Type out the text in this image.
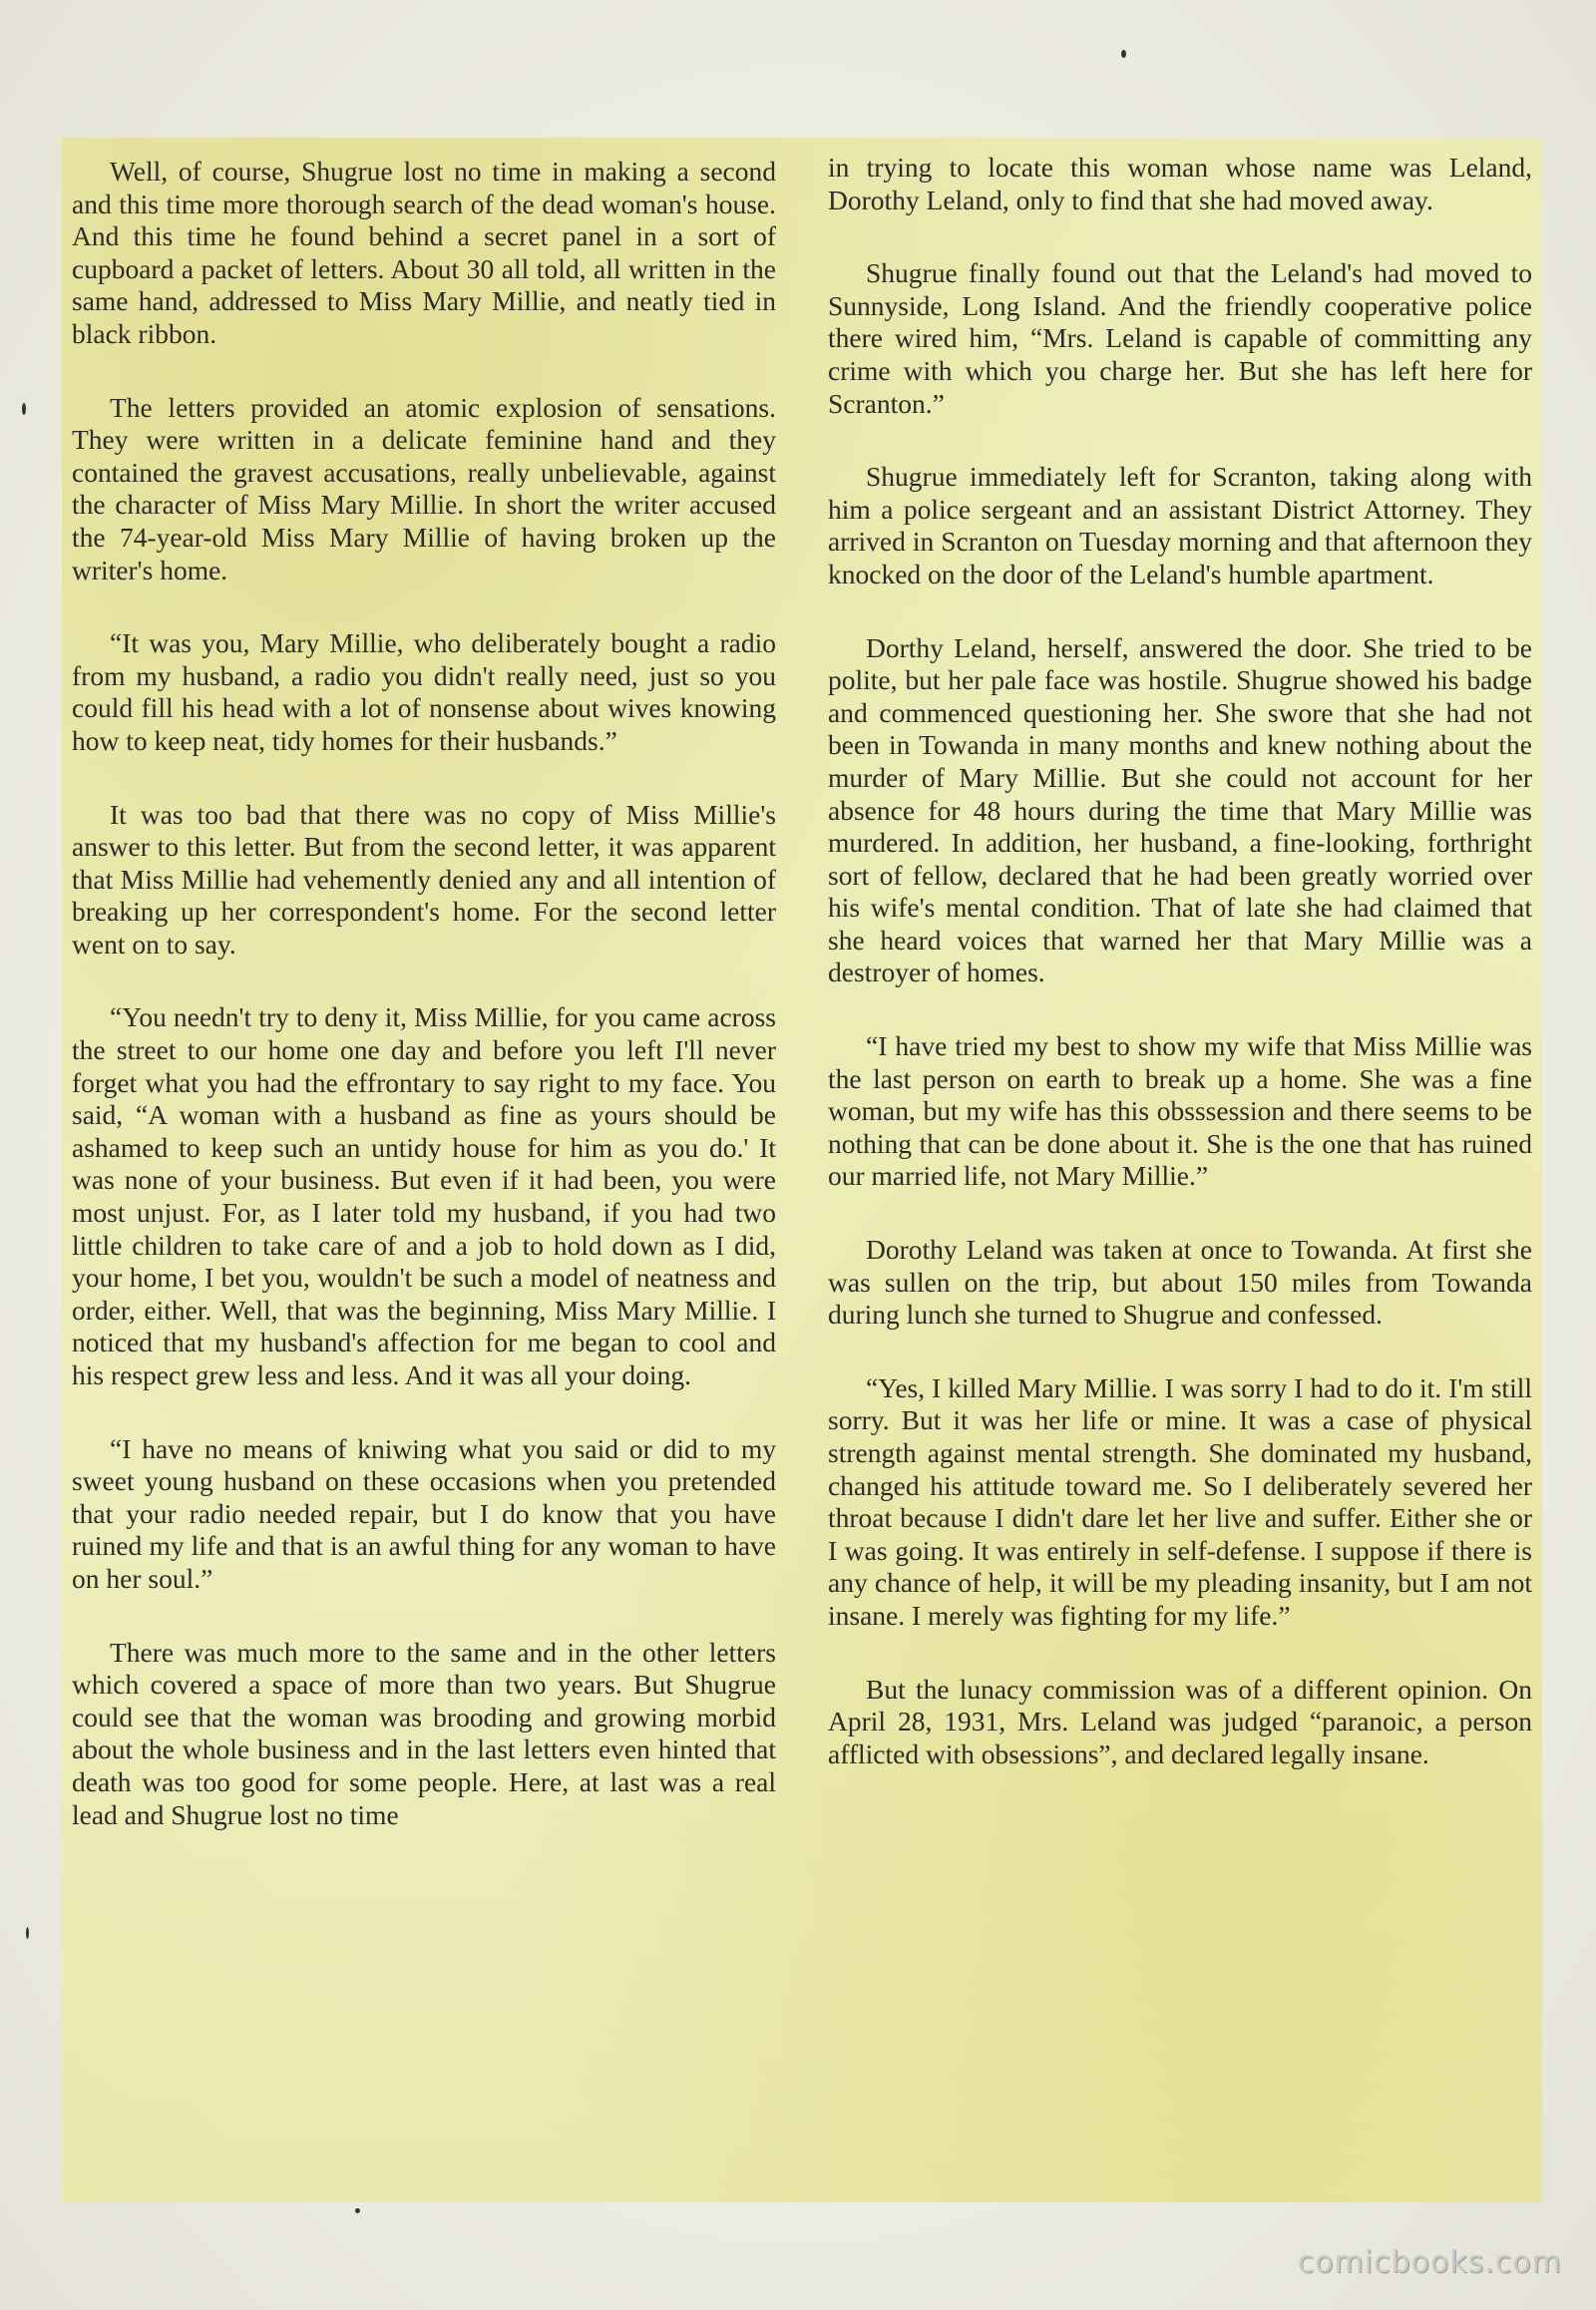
Well, of course, Shugrue lost no time in making a second and this time more thorough search of the dead woman's house. And this time he found behind a secret panel in a sort of cupboard a packet of letters. About 30 all told, all written in the same hand, addressed to Miss Mary Millie, and neatly tied in black ribbon.

The letters provided an atomic explosion of sensations. They were written in a delicate feminine hand and they contained the gravest accusations, really unbelievable, against the character of Miss Mary Millie. In short the writer accused the 74-year-old Miss Mary Millie of having broken up the writer's home.

“It was you, Mary Millie, who deliberately bought a radio from my husband, a radio you didn't really need, just so you could fill his head with a lot of nonsense about wives knowing how to keep neat, tidy homes for their husbands.”

It was too bad that there was no copy of Miss Millie's answer to this letter. But from the second letter, it was apparent that Miss Millie had vehemently denied any and all intention of breaking up her correspondent's home. For the second letter went on to say.

“You needn't try to deny it, Miss Millie, for you came across the street to our home one day and before you left I'll never forget what you had the effrontary to say right to my face. You said, “A woman with a husband as fine as yours should be ashamed to keep such an untidy house for him as you do.' It was none of your business. But even if it had been, you were most unjust. For, as I later told my husband, if you had two little children to take care of and a job to hold down as I did, your home, I bet you, wouldn't be such a model of neatness and order, either. Well, that was the beginning, Miss Mary Millie. I noticed that my husband's affection for me began to cool and his respect grew less and less. And it was all your doing.

“I have no means of kniwing what you said or did to my sweet young husband on these occasions when you pretended that your radio needed repair, but I do know that you have ruined my life and that is an awful thing for any woman to have on her soul.”

There was much more to the same and in the other letters which covered a space of more than two years. But Shugrue could see that the woman was brooding and growing morbid about the whole business and in the last letters even hinted that death was too good for some people. Here, at last was a real lead and Shugrue lost no time

in trying to locate this woman whose name was Leland, Dorothy Leland, only to find that she had moved away.

Shugrue finally found out that the Leland's had moved to Sunnyside, Long Island. And the friendly cooperative police there wired him, “Mrs. Leland is capable of committing any crime with which you charge her. But she has left here for Scranton.”

Shugrue immediately left for Scranton, taking along with him a police sergeant and an assistant District Attorney. They arrived in Scranton on Tuesday morning and that afternoon they knocked on the door of the Leland's humble apartment.

Dorthy Leland, herself, answered the door. She tried to be polite, but her pale face was hostile. Shugrue showed his badge and commenced questioning her. She swore that she had not been in Towanda in many months and knew nothing about the murder of Mary Millie. But she could not account for her absence for 48 hours during the time that Mary Millie was murdered. In addition, her husband, a fine-looking, forthright sort of fellow, declared that he had been greatly worried over his wife's mental condition. That of late she had claimed that she heard voices that warned her that Mary Millie was a destroyer of homes.

“I have tried my best to show my wife that Miss Millie was the last person on earth to break up a home. She was a fine woman, but my wife has this obsssession and there seems to be nothing that can be done about it. She is the one that has ruined our married life, not Mary Millie.”

Dorothy Leland was taken at once to Towanda. At first she was sullen on the trip, but about 150 miles from Towanda during lunch she turned to Shugrue and confessed.

“Yes, I killed Mary Millie. I was sorry I had to do it. I'm still sorry. But it was her life or mine. It was a case of physical strength against mental strength. She dominated my husband, changed his attitude toward me. So I deliberately severed her throat because I didn't dare let her live and suffer. Either she or I was going. It was entirely in self-defense. I suppose if there is any chance of help, it will be my pleading insanity, but I am not insane. I merely was fighting for my life.”

But the lunacy commission was of a different opinion. On April 28, 1931, Mrs. Leland was judged “paranoic, a person afflicted with obsessions”, and declared legally insane.

comicbooks.com
